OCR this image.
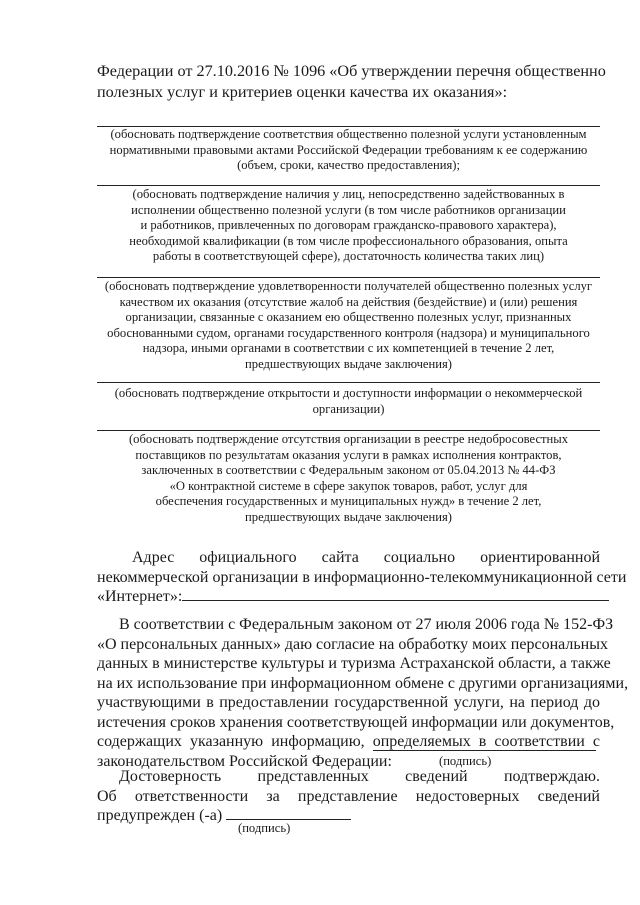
Федерации от 27.10.2016 № 1096 «Об утверждении перечня общественно
полезных услуг и критериев оценки качества их оказания»:
(обосновать подтверждение соответствия общественно полезной услуги установленным
нормативными правовыми актами Российской Федерации требованиям к ее содержанию
(объем, сроки, качество предоставления);
(обосновать подтверждение наличия у лиц, непосредственно задействованных в
исполнении общественно полезной услуги (в том числе работников организации
и работников, привлеченных по договорам гражданско-правового характера),
необходимой квалификации (в том числе профессионального образования, опыта
работы в соответствующей сфере), достаточность количества таких лиц)
(обосновать подтверждение удовлетворенности получателей общественно полезных услуг
качеством их оказания (отсутствие жалоб на действия (бездействие) и (или) решения
организации, связанные с оказанием ею общественно полезных услуг, признанных
обоснованными судом, органами государственного контроля (надзора) и муниципального
надзора, иными органами в соответствии с их компетенцией в течение 2 лет,
предшествующих выдаче заключения)
(обосновать подтверждение открытости и доступности информации о некоммерческой
организации)
(обосновать подтверждение отсутствия организации в реестре недобросовестных
поставщиков по результатам оказания услуги в рамках исполнения контрактов,
заключенных в соответствии с Федеральным законом от 05.04.2013 № 44-ФЗ
«О контрактной системе в сфере закупок товаров, работ, услуг для
обеспечения государственных и муниципальных нужд» в течение 2 лет,
предшествующих выдаче заключения)
Адрес официального сайта социально ориентированной
некоммерческой организации в информационно-телекоммуникационной сети
«Интернет»:
В соответствии с Федеральным законом от 27 июля 2006 года № 152-ФЗ
«О персональных данных» даю согласие на обработку моих персональных
данных в министерстве культуры и туризма Астраханской области, а также
на их использование при информационном обмене с другими организациями,
участвующими в предоставлении государственной услуги, на период до
истечения сроков хранения соответствующей информации или документов,
содержащих указанную информацию, определяемых в соответствии с
законодательством Российской Федерации:	(подпись)
Достоверность представленных сведений подтверждаю.
Об ответственности за представление недостоверных сведений
предупрежден (-а)
(подпись)
